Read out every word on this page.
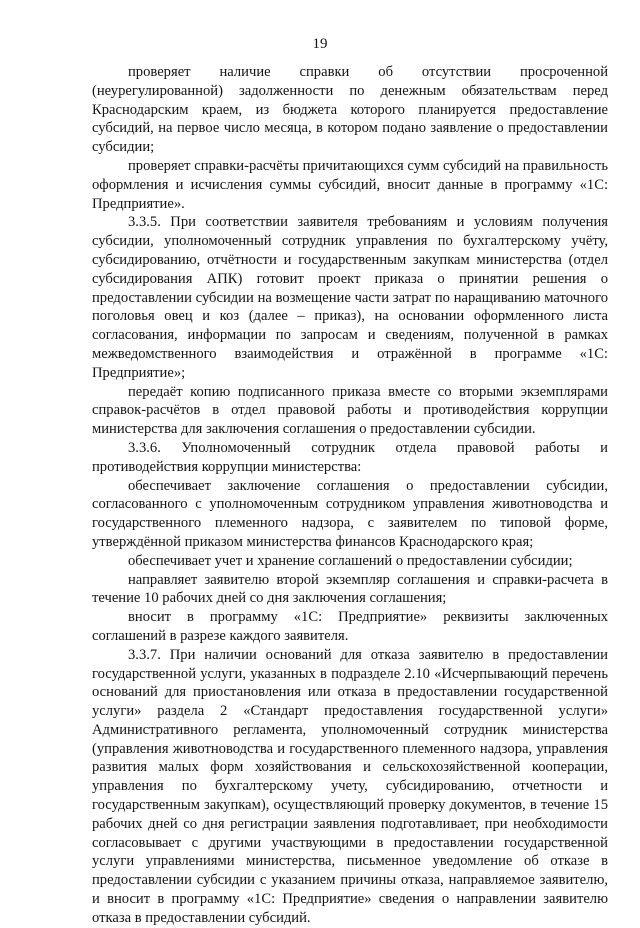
19

проверяет наличие справки об отсутствии просроченной (неурегулированной) задолженности по денежным обязательствам перед Краснодарским краем, из бюджета которого планируется предоставление субсидий, на первое число месяца, в котором подано заявление о предоставлении субсидии;

проверяет справки-расчёты причитающихся сумм субсидий на правильность оформления и исчисления суммы субсидий, вносит данные в программу «1С: Предприятие».

3.3.5. При соответствии заявителя требованиям и условиям получения субсидии, уполномоченный сотрудник управления по бухгалтерскому учёту, субсидированию, отчётности и государственным закупкам министерства (отдел субсидирования АПК) готовит проект приказа о принятии решения о предоставлении субсидии на возмещение части затрат по наращиванию маточного поголовья овец и коз (далее – приказ), на основании оформленного листа согласования, информации по запросам и сведениям, полученной в рамках межведомственного взаимодействия и отражённой в программе «1С: Предприятие»;

передаёт копию подписанного приказа вместе со вторыми экземплярами справок-расчётов в отдел правовой работы и противодействия коррупции министерства для заключения соглашения о предоставлении субсидии.

3.3.6. Уполномоченный сотрудник отдела правовой работы и противодействия коррупции министерства:

обеспечивает заключение соглашения о предоставлении субсидии, согласованного с уполномоченным сотрудником управления животноводства и государственного племенного надзора, с заявителем по типовой форме, утверждённой приказом министерства финансов Краснодарского края;

обеспечивает учет и хранение соглашений о предоставлении субсидии;

направляет заявителю второй экземпляр соглашения и справки-расчета в течение 10 рабочих дней со дня заключения соглашения;

вносит в программу «1С: Предприятие» реквизиты заключенных соглашений в разрезе каждого заявителя.

3.3.7. При наличии оснований для отказа заявителю в предоставлении государственной услуги, указанных в подразделе 2.10 «Исчерпывающий перечень оснований для приостановления или отказа в предоставлении государственной услуги» раздела 2 «Стандарт предоставления государственной услуги» Административного регламента, уполномоченный сотрудник министерства (управления животноводства и государственного племенного надзора, управления развития малых форм хозяйствования и сельскохозяйственной кооперации, управления по бухгалтерскому учету, субсидированию, отчетности и государственным закупкам), осуществляющий проверку документов, в течение 15 рабочих дней со дня регистрации заявления подготавливает, при необходимости согласовывает с другими участвующими в предоставлении государственной услуги управлениями министерства, письменное уведомление об отказе в предоставлении субсидии с указанием причины отказа, направляемое заявителю, и вносит в программу «1С: Предприятие» сведения о направлении заявителю отказа в предоставлении субсидий.
